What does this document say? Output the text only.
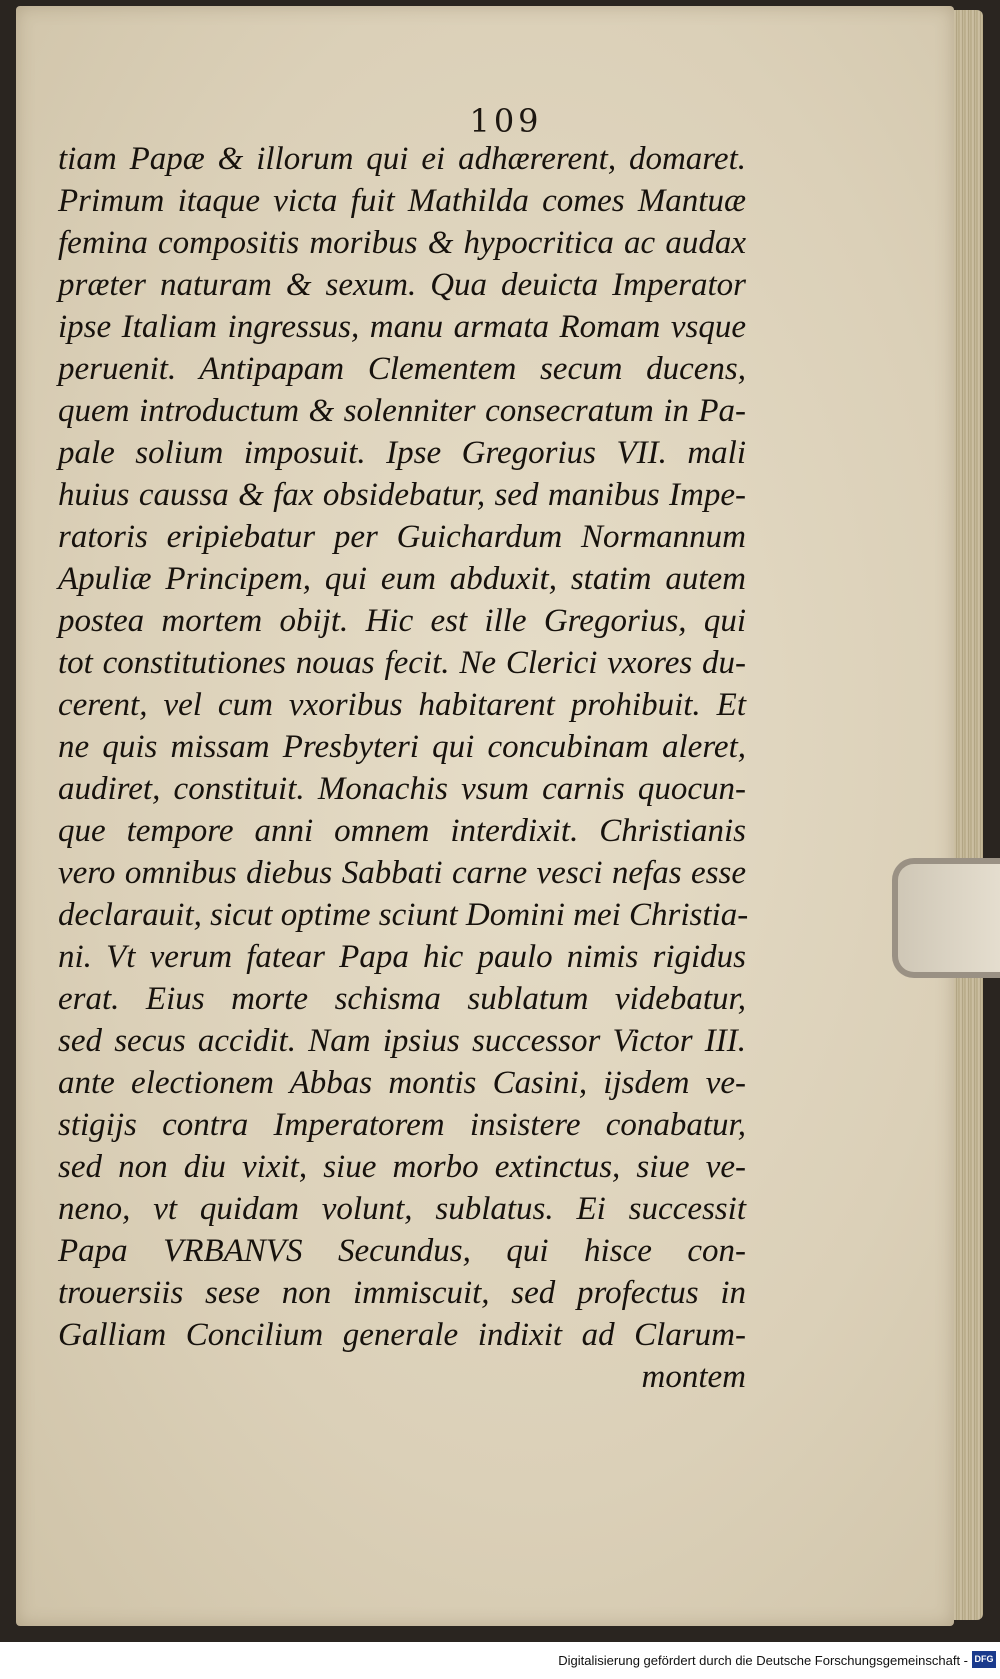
109
tiam Papæ & illorum qui ei adhærerent, domaret.
Primum itaque victa fuit Mathilda comes Mantuæ
femina compositis moribus & hypocritica ac audax
præter naturam & sexum. Qua deuicta Imperator
ipse Italiam ingressus, manu armata Romam vsque
peruenit. Antipapam Clementem secum ducens,
quem introductum & solenniter consecratum in Pa-
pale solium imposuit. Ipse Gregorius VII. mali
huius caussa & fax obsidebatur, sed manibus Impe-
ratoris eripiebatur per Guichardum Normannum
Apuliæ Principem, qui eum abduxit, statim autem
postea mortem obijt. Hic est ille Gregorius, qui
tot constitutiones nouas fecit. Ne Clerici vxores du-
cerent, vel cum vxoribus habitarent prohibuit. Et
ne quis missam Presbyteri qui concubinam aleret,
audiret, constituit. Monachis vsum carnis quocun-
que tempore anni omnem interdixit. Christianis
vero omnibus diebus Sabbati carne vesci nefas esse
declarauit, sicut optime sciunt Domini mei Christia-
ni. Vt verum fatear Papa hic paulo nimis rigidus
erat. Eius morte schisma sublatum videbatur,
sed secus accidit. Nam ipsius successor Victor III.
ante electionem Abbas montis Casini, ijsdem ve-
stigijs contra Imperatorem insistere conabatur,
sed non diu vixit, siue morbo extinctus, siue ve-
neno, vt quidam volunt, sublatus. Ei successit
Papa VRBANVS Secundus, qui hisce con-
trouersiis sese non immiscuit, sed profectus in
Galliam Concilium generale indixit ad Clarum-
montem
Digitalisierung gefördert durch die Deutsche Forschungsgemeinschaft - DFG
